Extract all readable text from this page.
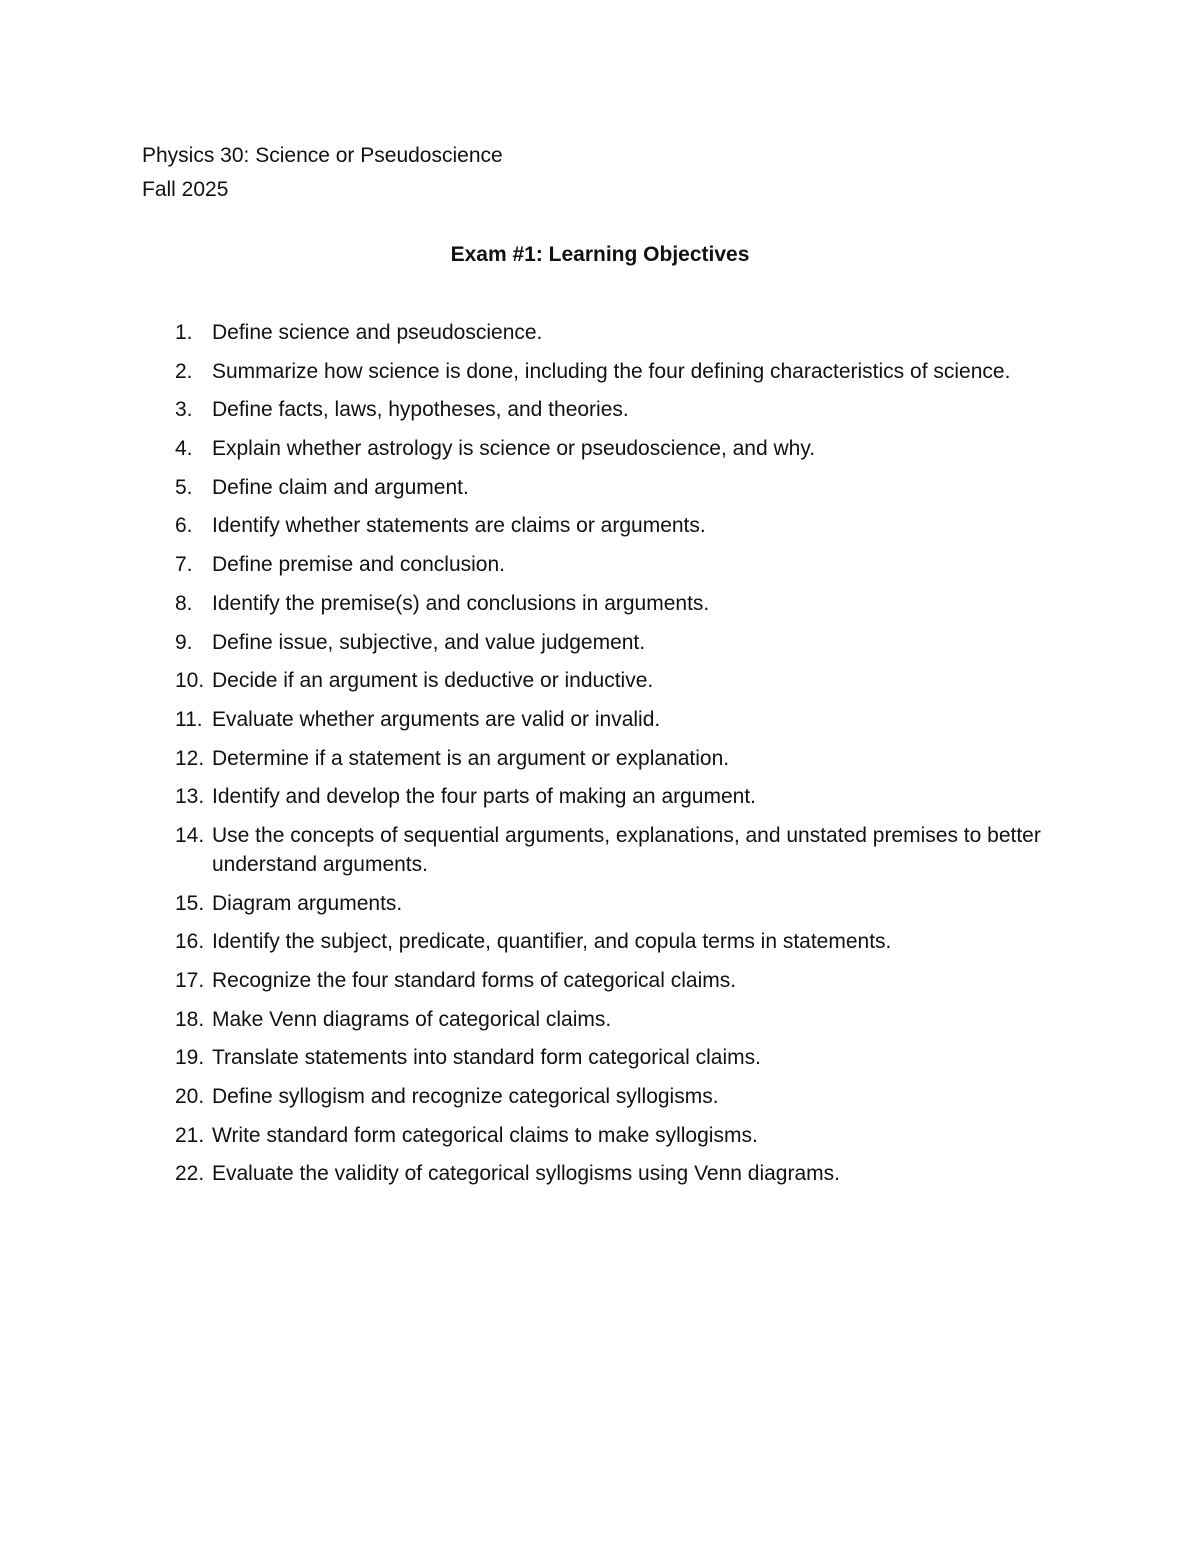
Physics 30: Science or Pseudoscience
Fall 2025
Exam #1: Learning Objectives
1. Define science and pseudoscience.
2. Summarize how science is done, including the four defining characteristics of science.
3. Define facts, laws, hypotheses, and theories.
4. Explain whether astrology is science or pseudoscience, and why.
5. Define claim and argument.
6. Identify whether statements are claims or arguments.
7. Define premise and conclusion.
8. Identify the premise(s) and conclusions in arguments.
9. Define issue, subjective, and value judgement.
10. Decide if an argument is deductive or inductive.
11. Evaluate whether arguments are valid or invalid.
12. Determine if a statement is an argument or explanation.
13. Identify and develop the four parts of making an argument.
14. Use the concepts of sequential arguments, explanations, and unstated premises to better understand arguments.
15. Diagram arguments.
16. Identify the subject, predicate, quantifier, and copula terms in statements.
17. Recognize the four standard forms of categorical claims.
18. Make Venn diagrams of categorical claims.
19. Translate statements into standard form categorical claims.
20. Define syllogism and recognize categorical syllogisms.
21. Write standard form categorical claims to make syllogisms.
22. Evaluate the validity of categorical syllogisms using Venn diagrams.
